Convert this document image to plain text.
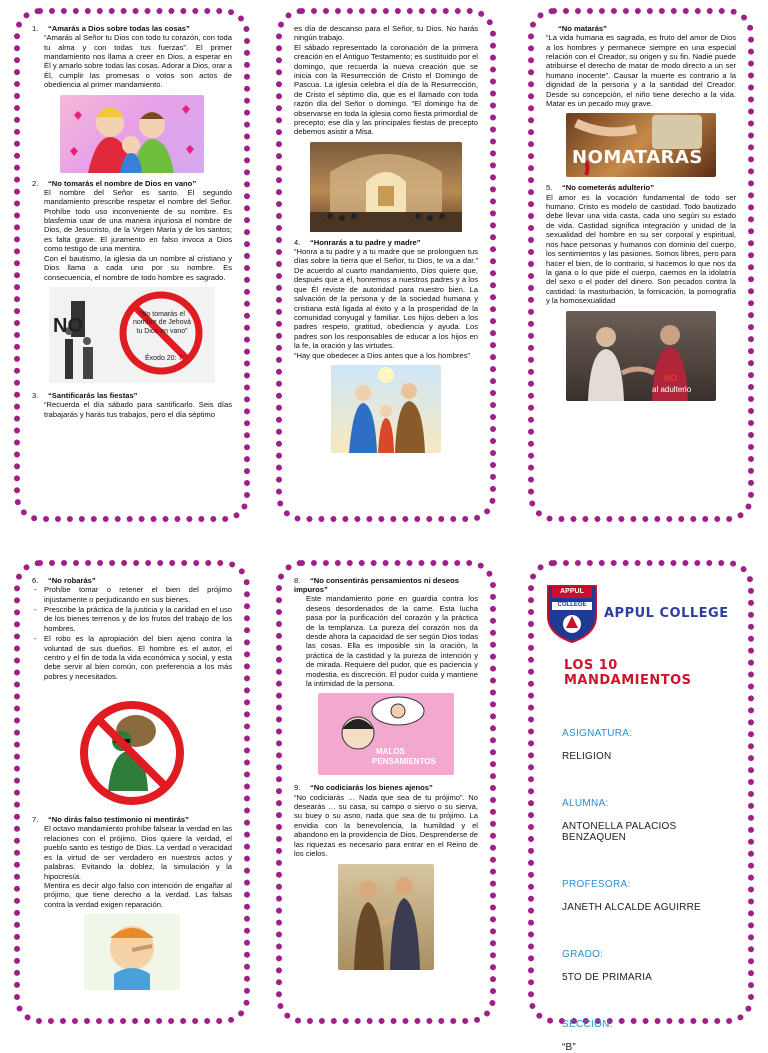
1. “Amarás a Dios sobre todas las cosas”
“Amarás al Señor tu Dios con todo tu corazón, con toda tu alma y con todas tus fuerzas”. El primer mandamiento nos llama a creer en Dios, a esperar en Él y amarlo sobre todas las cosas. Adorar a Dios, orar a Él, cumplir las promesas o votos son actos de obediencia al primer mandamiento.
2. “No tomarás el nombre de Dios en vano”
El nombre del Señor es santo. El segundo mandamiento prescribe respetar el nombre del Señor. Prohíbe todo uso inconveniente de su nombre. Es blasfemia usar de una manera injuriosa el nombre de Dios, de Jesucristo, de la Virgen María y de los santos; es falta grave. El juramento en falso invoca a Dios como testigo de una mentira.
Con el bautismo, la iglesia da un nombre al cristiano y Dios llama a cada uno por su nombre. Es consecuencia, el nombre de todo hombre es sagrado.
NO
“No tomarás el nombre de Jehová tu Dios en vano”
Éxodo 20: 7
3. “Santificarás las fiestas”
“Recuerda el día sábado para santificarlo. Seis días trabajarás y harás tus trabajos, pero el día séptimo
es día de descanso para el Señor, tu Dios. No harás ningún trabajo.
El sábado representado la coronación de la primera creación en el Antiguo Testamento; es sustituido por el domingo, que recuerda la nueva creación que se inicia con la Resurrección de Cristo el Domingo de Pascua. La iglesia celebra el día de la Resurrección, de Cristo el séptimo día, que es el llamado con toda razón día del Señor o domingo. “El domingo ha de observarse en toda la iglesia como fiesta primordial de precepto; ese día y las principales fiestas de precepto debemos asistir a Misa.
4. “Honrarás a tu padre y madre”
“Honra a tu padre y a tu madre que se prolonguen tus días sobre la tierra que el Señor, tu Dios, te va a dar.” De acuerdo al cuarto mandamiento, Dios quiere que, después que a él, honremos a nuestros padres y a los que Él reviste de autoridad para nuestro bien. La salvación de la persona y de la sociedad humana y cristiana está ligada al éxito y a la prosperidad de la comunidad conyugal y familiar. Los hijos deben a los padres respeto, gratitud, obediencia y ayuda. Los padres son los responsables de educar a los hijos en la fe, la oración y las virtudes.
“Hay que obedecer a Dios antes que a los hombres”
“No matarás”
“La vida humana es sagrada, es fruto del amor de Dios a los hombres y permanece siempre en una especial relación con el Creador, su origen y su fin. Nadie puede atribuirse el derecho de matar de modo directo a un ser humano inocente”. Causar la muerte es contrario a la dignidad de la persona y a la santidad del Creador. Desde su concepción, el niño tiene derecho a la vida. Matar es un pecado muy grave.
NOMATARAS
5. “No cometerás adulterio”
El amor es la vocación fundamental de todo ser humano. Cristo es modelo de castidad. Todo bautizado debe llevar una vida casta, cada uno según su estado de vida. Castidad significa integración y unidad de la sexualidad del hombre en su ser corporal y espiritual, nos hace personas y humanos con dominio del cuerpo, los sentimientos y las pasiones. Somos libres, pero para hacer el bien, de lo contrario, si hacemos lo que nos da la gana o lo que pide el cuerpo, caemos en la idolatría del sexo o el poder del dinero. Son pecados contra la castidad: la masturbación, la fornicación, la pornografía y la homosexualidad
NO
al adulterio
6. “No robarás”
- Prohíbe tomar o retener el bien del prójimo injustamente o perjudicando en sus bienes.
- Prescribe la práctica de la justicia y la caridad en el uso de los bienes terrenos y de los frutos del trabajo de los hombres.
- El robo es la apropiación del bien ajeno contra la voluntad de sus dueños. El hombre es el autor, el centro y el fin de toda la vida económica y social, y esta debe servir al bien común, con preferencia a los más pobres y necesitados.
7. “No dirás falso testimonio ni mentirás”
El octavo mandamiento prohíbe falsear la verdad en las relaciones con el prójimo. Dios quiere la verdad, el pueblo santo es testigo de Dios. La verdad o veracidad es la virtud de ser verdadero en nuestros actos y palabras. Evitando la doblez, la simulación y la hipocresía.
Mentira es decir algo falso con intención de engañar al prójimo, que tiene derecho a la verdad. Las falsas contra la verdad exigen reparación.
8. “No consentirás pensamientos ni deseos impuros”
Este mandamiento pone en guardia contra los deseos desordenados de la carne. Esta lucha pasa por la purificación del corazón y la práctica de la templanza. La pureza del corazón nos da desde ahora la capacidad de ser según Dios todas las cosas. Ella es imposible sin la oración, la práctica de la castidad y la pureza de intención y de mirada. Requiere del pudor, que es paciencia y modestia, es discreción. El pudor cuida y mantiene la intimidad de la persona.
MALOS
PENSAMIENTOS
9. “No codiciarás los bienes ajenos”
“No codiciarás … Nada que sea de tu prójimo”. No desearás … su casa, su campo o siervo o su sierva, su buey o su asno, nada que sea de tu prójimo. La envidia con la benevolencia, la humildad y el abandono en la providencia de Dios. Desprenderse de las riquezas es necesario para entrar en el Reino de los cielos.
APPUL
COLLEGE
APPUL COLLEGE
LOS 10 MANDAMIENTOS
ASIGNATURA:
RELIGION
ALUMNA:
ANTONELLA PALACIOS BENZAQUEN
PROFESORA:
JANETH ALCALDE AGUIRRE
GRADO:
5TO DE PRIMARIA
SECCIÓN:
“B”
